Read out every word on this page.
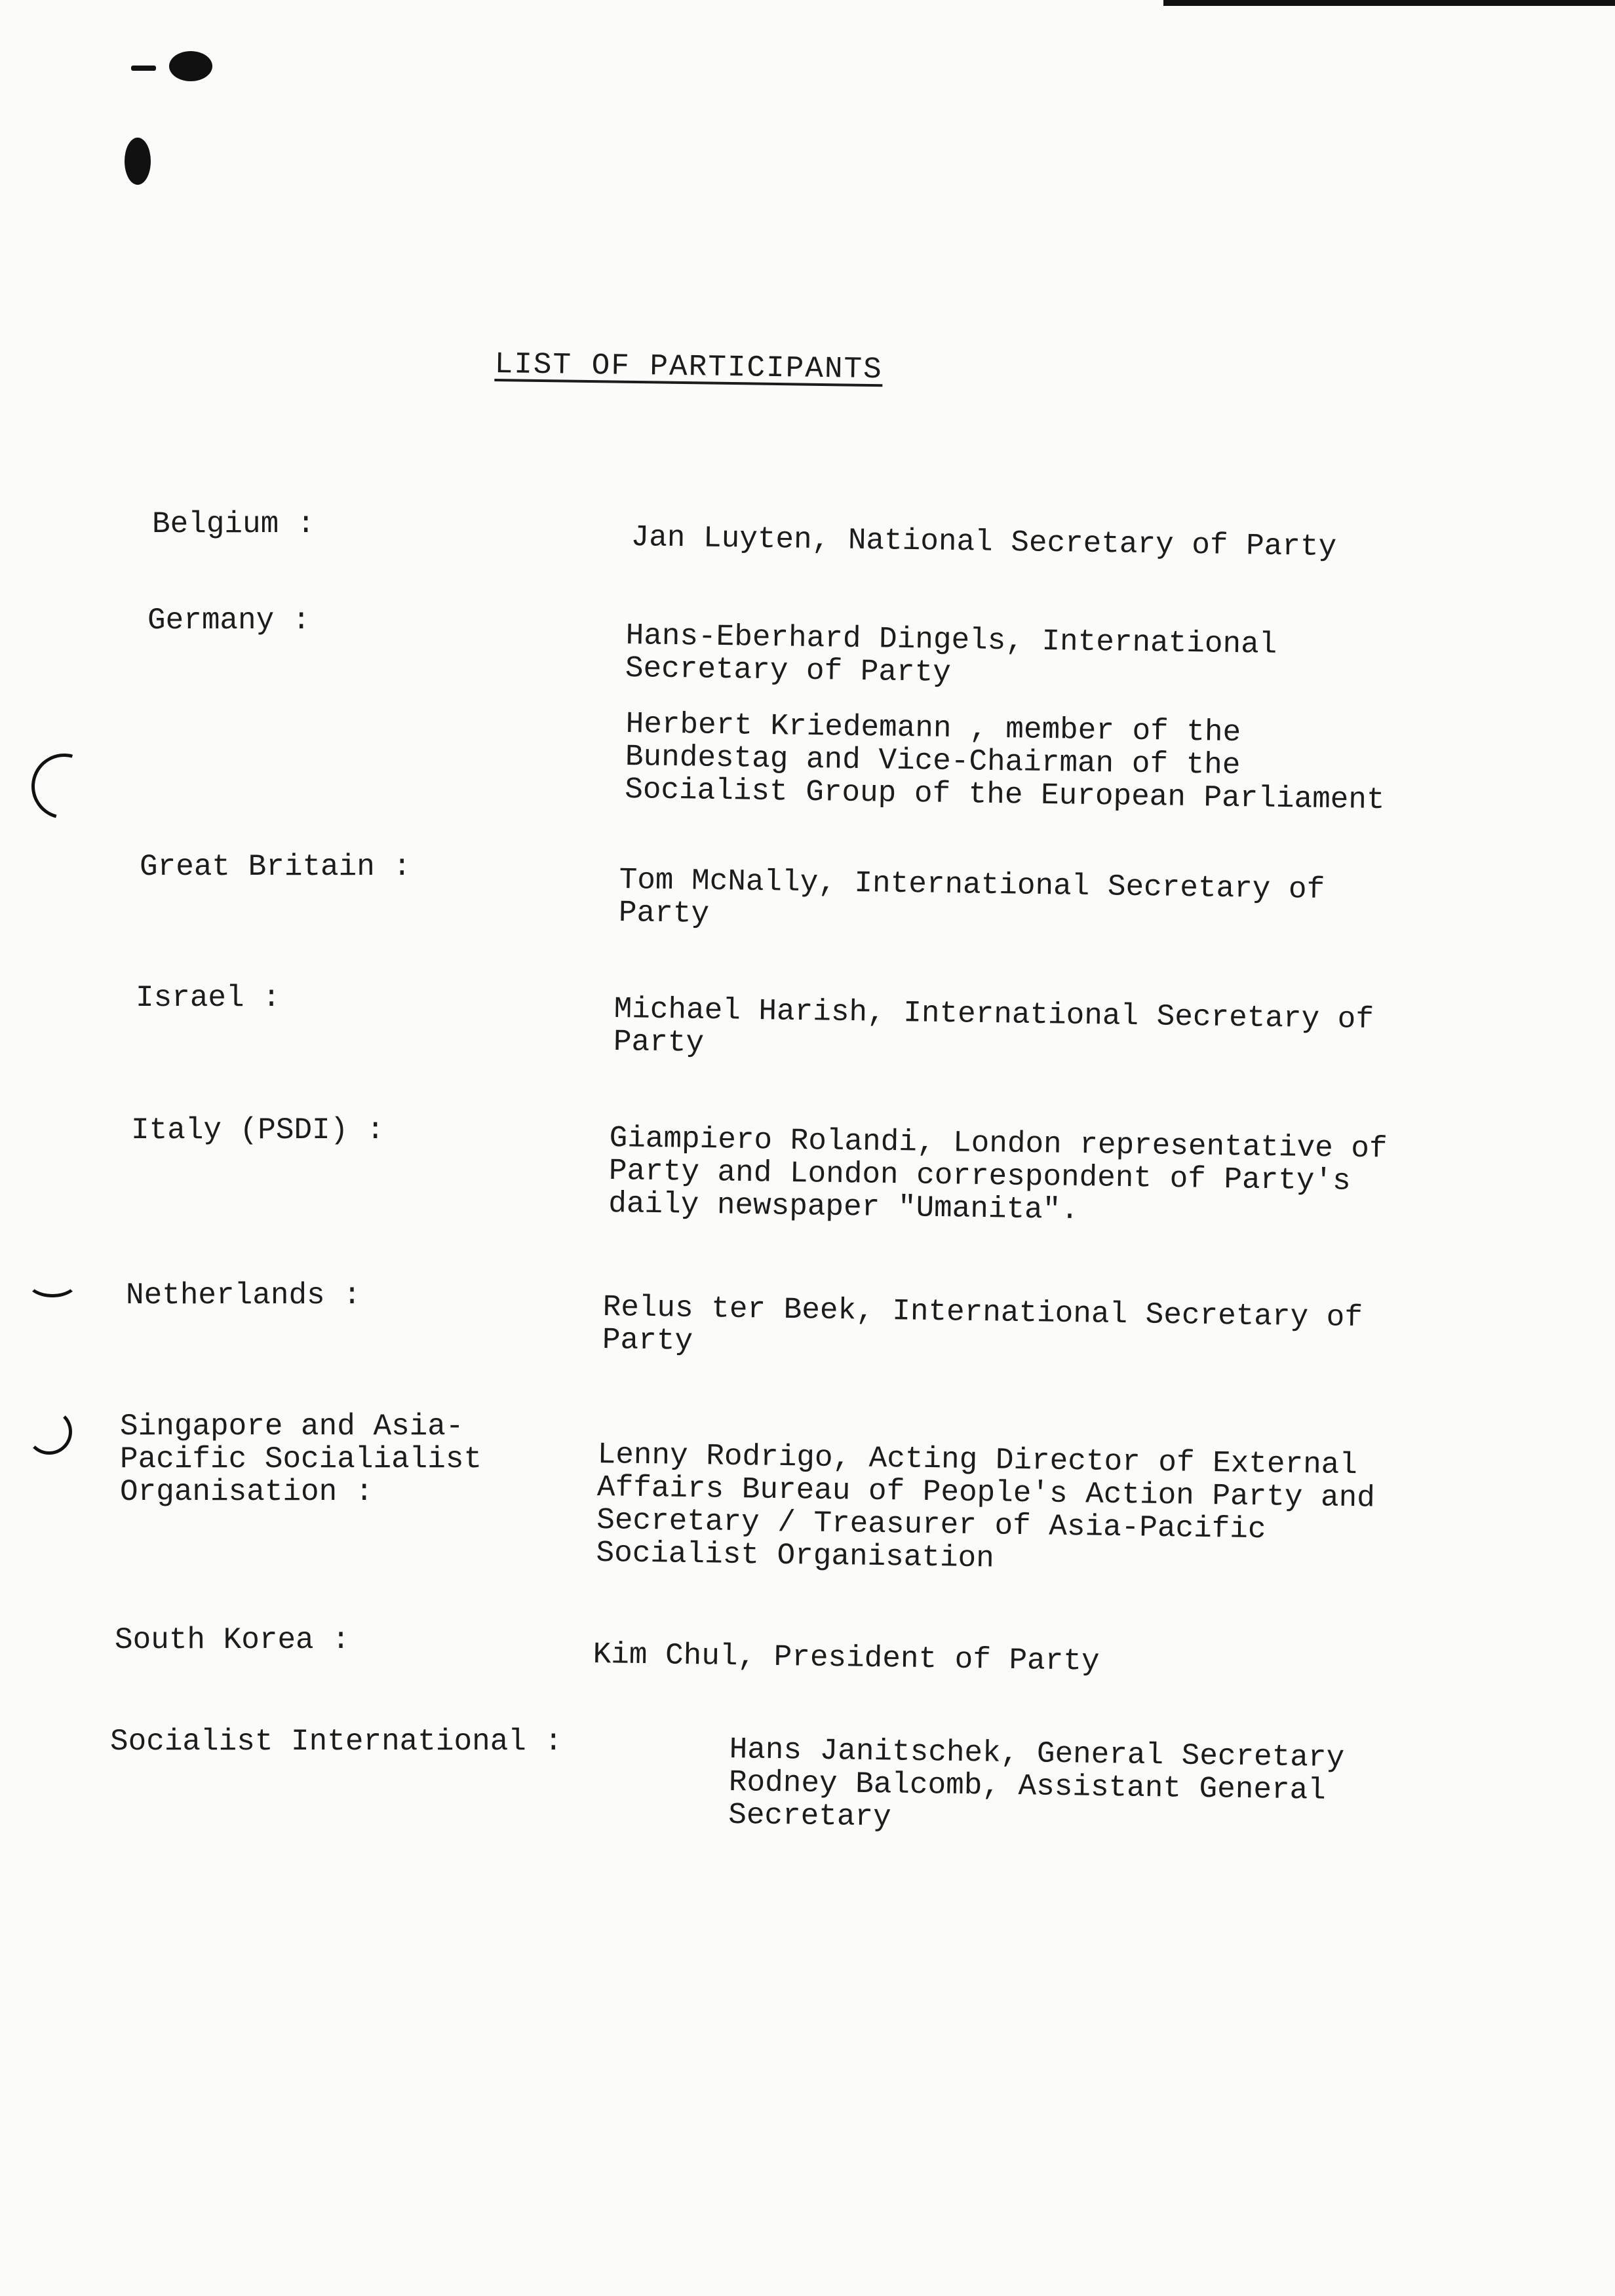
LIST OF PARTICIPANTS
Belgium :	Jan Luyten, National Secretary of Party
Germany :	Hans-Eberhard Dingels, International
Secretary of Party
Herbert Kriedemann , member of the
Bundestag and Vice-Chairman of the
Socialist Group of the European Parliament
Great Britain :	Tom McNally, International Secretary of
Party
Israel :	Michael Harish, International Secretary of
Party
Italy (PSDI) :	Giampiero Rolandi, London representative of
Party and London correspondent of Party's
daily newspaper "Umanita".
Netherlands :	Relus ter Beek, International Secretary of
Party
Singapore and Asia-
Pacific Socialialist
Organisation :
Lenny Rodrigo, Acting Director of External
Affairs Bureau of People's Action Party and
Secretary / Treasurer of Asia-Pacific
Socialist Organisation
South Korea :	Kim Chul, President of Party
Socialist International :	Hans Janitschek, General Secretary
Rodney Balcomb, Assistant General
Secretary
